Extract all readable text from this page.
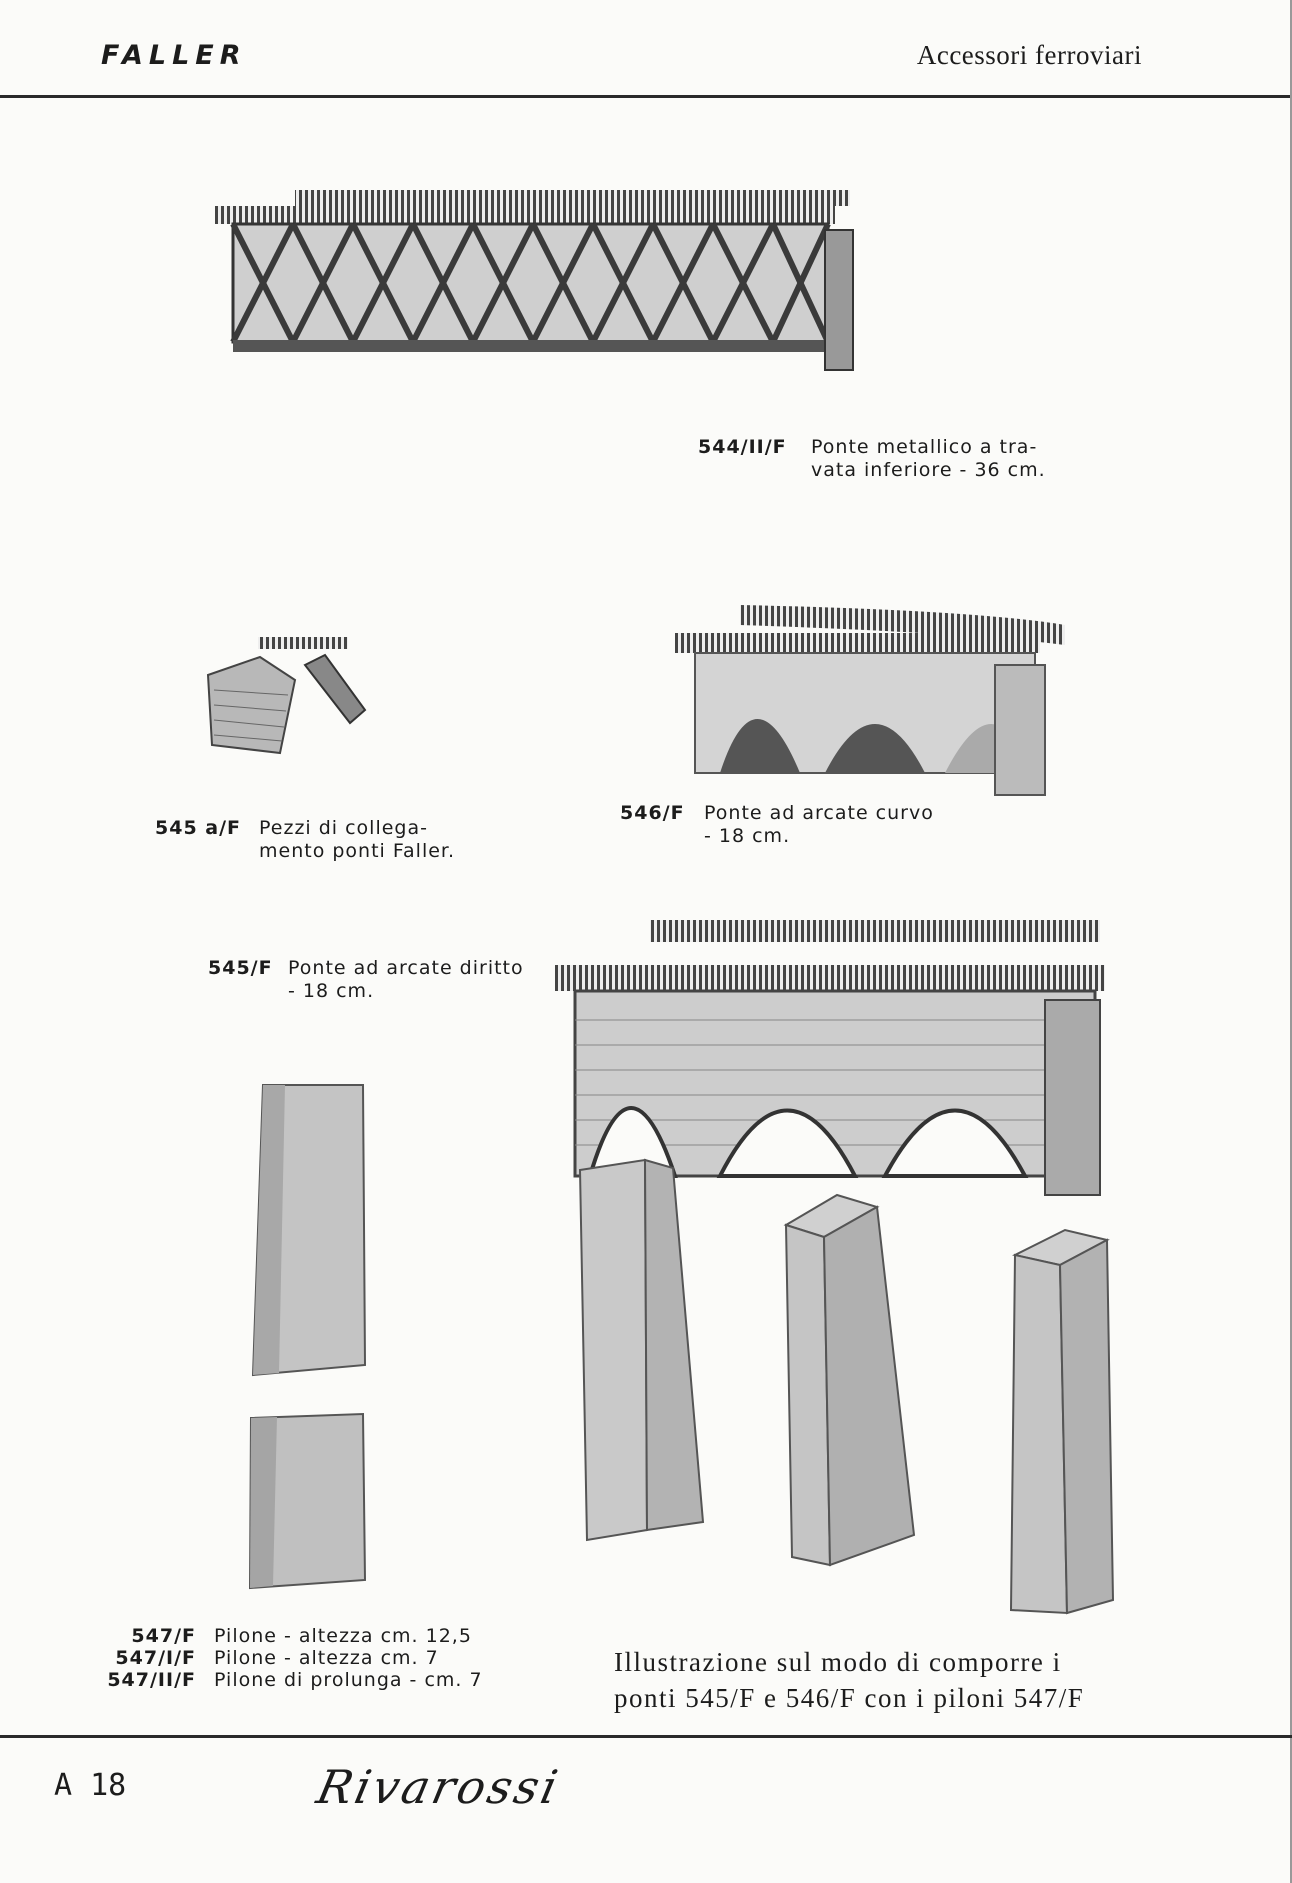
FALLER	Accessori ferroviari
544/II/F Ponte metallico a tra-
vata inferiore - 36 cm.
545 a/F Pezzi di collega-
mento ponti Faller.
546/F Ponte ad arcate curvo
- 18 cm.
545/F Ponte ad arcate diritto
- 18 cm.
547/F Pilone - altezza cm. 12,5
547/I/F Pilone - altezza cm. 7
547/II/F Pilone di prolunga - cm. 7
Illustrazione sul modo di comporre i
ponti 545/F e 546/F con i piloni 547/F
A 18	Rivarossi
